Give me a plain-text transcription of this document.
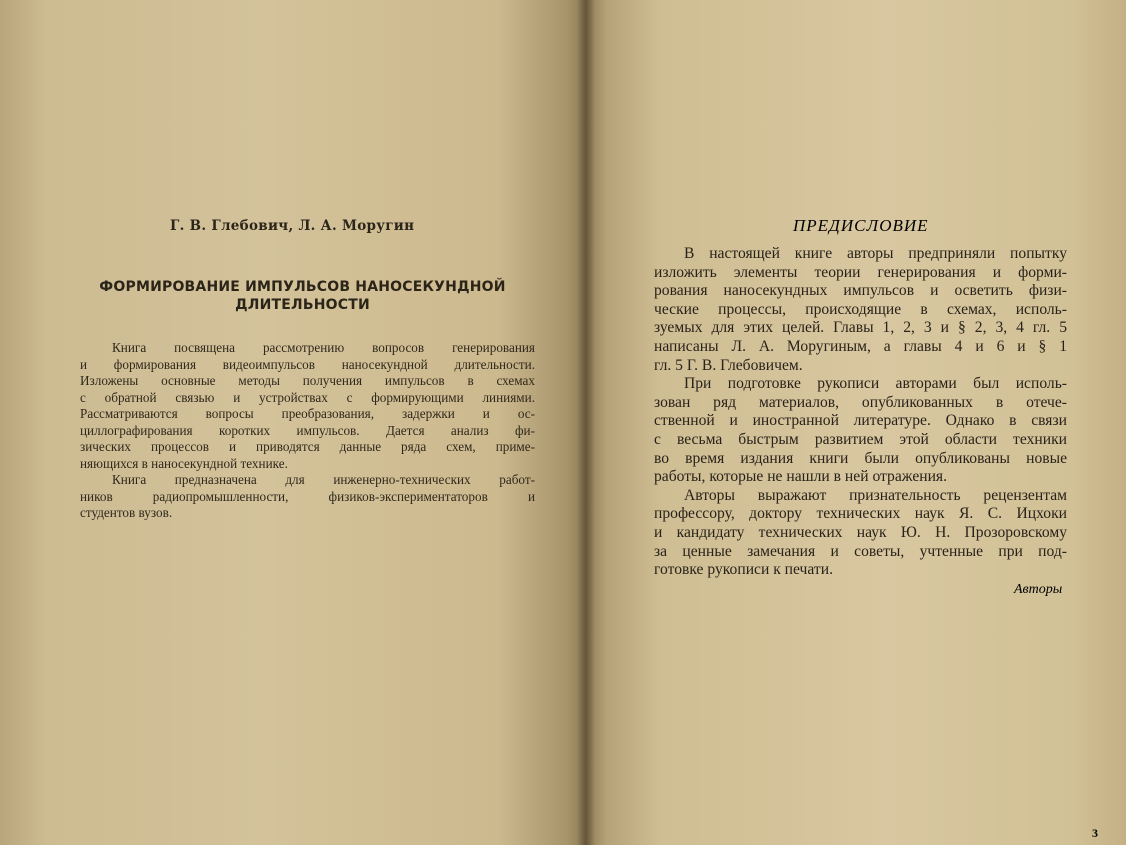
Г. В. Глебович, Л. А. Моругин
ФОРМИРОВАНИЕ ИМПУЛЬСОВ НАНОСЕКУНДНОЙ
ДЛИТЕЛЬНОСТИ
Книга посвящена рассмотрению вопросов генерирования
и формирования видеоимпульсов наносекундной длительности.
Изложены основные методы получения импульсов в схемах
с обратной связью и устройствах с формирующими линиями.
Рассматриваются вопросы преобразования, задержки и ос-
циллографирования коротких импульсов. Дается анализ фи-
зических процессов и приводятся данные ряда схем, приме-
няющихся в наносекундной технике.
Книга предназначена для инженерно-технических работ-
ников радиопромышленности, физиков-экспериментаторов и
студентов вузов.
ПРЕДИСЛОВИЕ
В настоящей книге авторы предприняли попытку
изложить элементы теории генерирования и форми-
рования наносекундных импульсов и осветить физи-
ческие процессы, происходящие в схемах, исполь-
зуемых для этих целей. Главы 1, 2, 3 и § 2, 3, 4 гл. 5
написаны Л. А. Моругиным, а главы 4 и 6 и § 1
гл. 5 Г. В. Глебовичем.
При подготовке рукописи авторами был исполь-
зован ряд материалов, опубликованных в отече-
ственной и иностранной литературе. Однако в связи
с весьма быстрым развитием этой области техники
во время издания книги были опубликованы новые
работы, которые не нашли в ней отражения.
Авторы выражают признательность рецензентам
профессору, доктору технических наук Я. С. Ицхоки
и кандидату технических наук Ю. Н. Прозоровскому
за ценные замечания и советы, учтенные при под-
готовке рукописи к печати.
Авторы
3
